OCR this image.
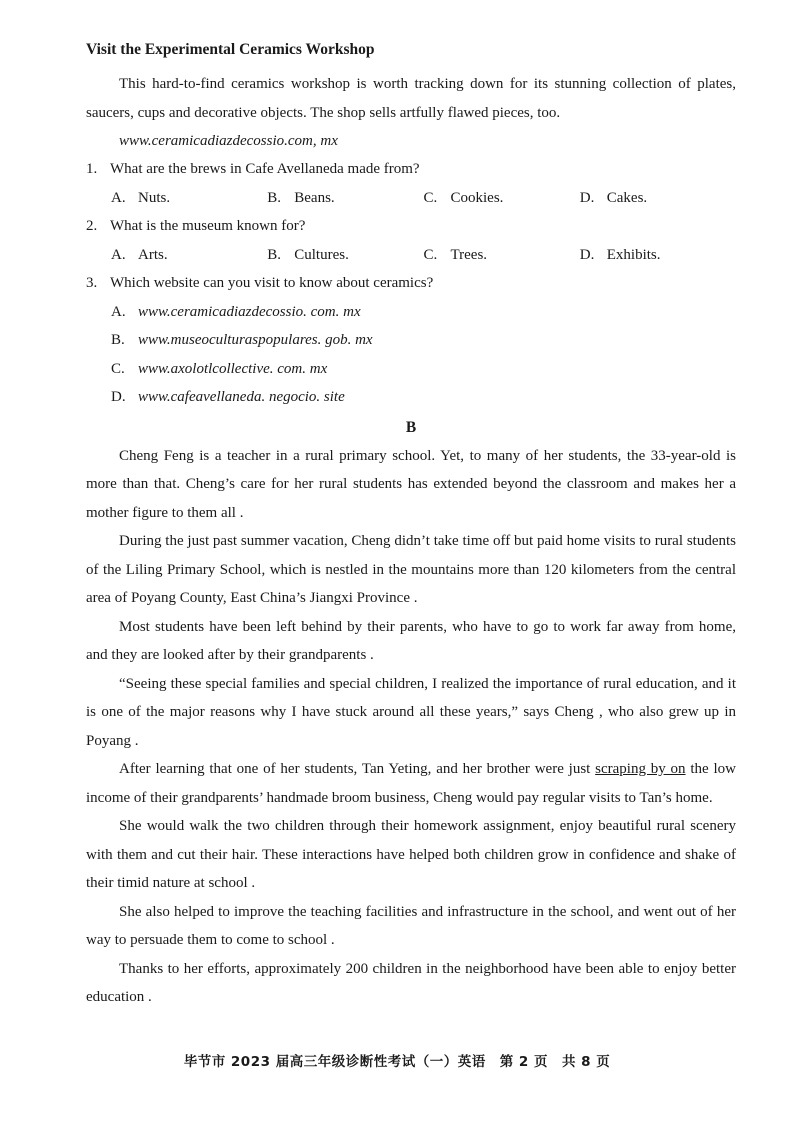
Visit the Experimental Ceramics Workshop

This hard-to-find ceramics workshop is worth tracking down for its stunning collection of plates, saucers, cups and decorative objects. The shop sells artfully flawed pieces, too.

www.ceramicadiazdecossio.com, mx
1. What are the brews in Cafe Avellaneda made from?
A. Nuts.	B. Beans.	C. Cookies.	D. Cakes.
2. What is the museum known for?
A. Arts.	B. Cultures.	C. Trees.	D. Exhibits.
3. Which website can you visit to know about ceramics?
A. www.ceramicadiazdecossio. com. mx
B. www.museoculturaspopulares. gob. mx
C. www.axolotlcollective. com. mx
D. www.cafeavellaneda. negocio. site
B

Cheng Feng is a teacher in a rural primary school. Yet, to many of her students, the 33-year-old is more than that. Cheng’s care for her rural students has extended beyond the classroom and makes her a mother figure to them all .

During the just past summer vacation, Cheng didn’t take time off but paid home visits to rural students of the Liling Primary School, which is nestled in the mountains more than 120 kilometers from the central area of Poyang County, East China’s Jiangxi Province .

Most students have been left behind by their parents, who have to go to work far away from home, and they are looked after by their grandparents .

“Seeing these special families and special children, I realized the importance of rural education, and it is one of the major reasons why I have stuck around all these years,” says Cheng , who also grew up in Poyang .

After learning that one of her students, Tan Yeting, and her brother were just scraping by on the low income of their grandparents’ handmade broom business, Cheng would pay regular visits to Tan’s home.

She would walk the two children through their homework assignment, enjoy beautiful rural scenery with them and cut their hair. These interactions have helped both children grow in confidence and shake of their timid nature at school .

She also helped to improve the teaching facilities and infrastructure in the school, and went out of her way to persuade them to come to school .

Thanks to her efforts, approximately 200 children in the neighborhood have been able to enjoy better education .

毕节市 2023 届高三年级诊断性考试（一）英语　第 2 页　共 8 页
